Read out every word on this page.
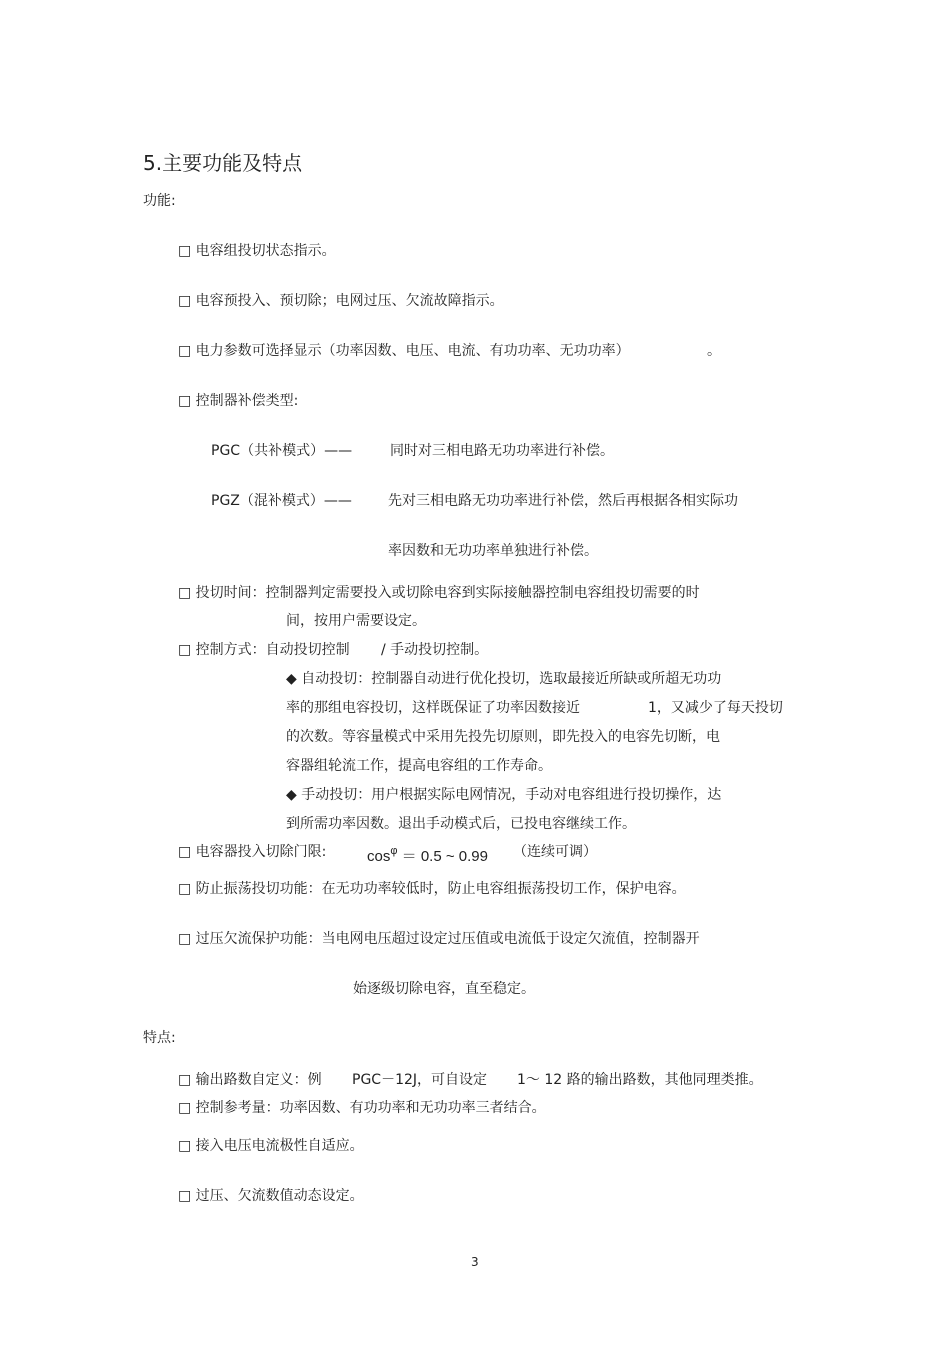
5.主要功能及特点
功能:
□ 电容组投切状态指示。
□ 电容预投入、预切除；电网过压、欠流故障指示。
□ 电力参数可选择显示（功率因数、电压、电流、有功功率、无功功率）	。
□ 控制器补偿类型:
PGC（共补模式）——	同时对三相电路无功功率进行补偿。
PGZ（混补模式）——	先对三相电路无功功率进行补偿，然后再根据各相实际功
率因数和无功功率单独进行补偿。
□ 投切时间：控制器判定需要投入或切除电容到实际接触器控制电容组投切需要的时
间，按用户需要设定。
□ 控制方式：自动投切控制 / 手动投切控制。
◆ 自动投切：控制器自动进行优化投切，选取最接近所缺或所超无功功
率的那组电容投切，这样既保证了功率因数接近	1，又减少了每天投切
的次数。等容量模式中采用先投先切原则，即先投入的电容先切断，电
容器组轮流工作，提高电容组的工作寿命。
◆ 手动投切：用户根据实际电网情况，手动对电容组进行投切操作，达
到所需功率因数。退出手动模式后，已投电容继续工作。
□ 电容器投入切除门限:	$\cos^\varphi = 0.5$ ~ 0.99 （连续可调）
□ 防止振荡投切功能：在无功功率较低时，防止电容组振荡投切工作，保护电容。
□ 过压欠流保护功能：当电网电压超过设定过压值或电流低于设定欠流值，控制器开
始逐级切除电容，直至稳定。
特点:
□ 输出路数自定义：例 PGC－12J，可自设定 1～ 12 路的输出路数，其他同理类推。
□ 控制参考量：功率因数、有功功率和无功功率三者结合。
□ 接入电压电流极性自适应。
□ 过压、欠流数值动态设定。
3
